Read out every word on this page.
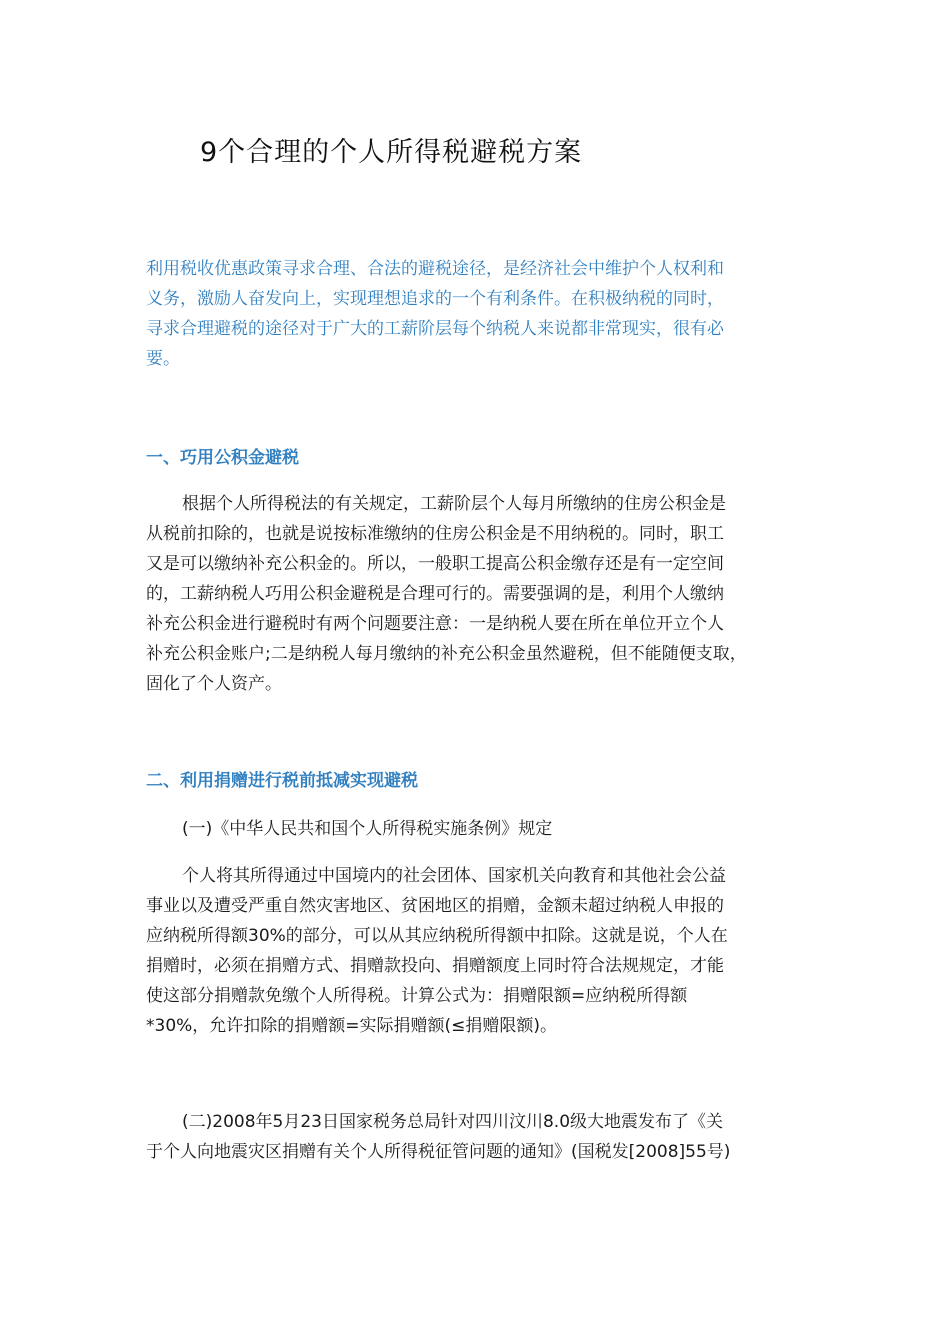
9个合理的个人所得税避税方案
利用税收优惠政策寻求合理、合法的避税途径，是经济社会中维护个人权利和
义务，激励人奋发向上，实现理想追求的一个有利条件。在积极纳税的同时，
寻求合理避税的途径对于广大的工薪阶层每个纳税人来说都非常现实，很有必
要。
一、巧用公积金避税
根据个人所得税法的有关规定，工薪阶层个人每月所缴纳的住房公积金是
从税前扣除的，也就是说按标准缴纳的住房公积金是不用纳税的。同时，职工
又是可以缴纳补充公积金的。所以，一般职工提高公积金缴存还是有一定空间
的，工薪纳税人巧用公积金避税是合理可行的。需要强调的是，利用个人缴纳
补充公积金进行避税时有两个问题要注意：一是纳税人要在所在单位开立个人
补充公积金账户;二是纳税人每月缴纳的补充公积金虽然避税，但不能随便支取，
固化了个人资产。
二、利用捐赠进行税前抵减实现避税
(一)《中华人民共和国个人所得税实施条例》规定
个人将其所得通过中国境内的社会团体、国家机关向教育和其他社会公益
事业以及遭受严重自然灾害地区、贫困地区的捐赠，金额未超过纳税人申报的
应纳税所得额30%的部分，可以从其应纳税所得额中扣除。这就是说，个人在
捐赠时，必须在捐赠方式、捐赠款投向、捐赠额度上同时符合法规规定，才能
使这部分捐赠款免缴个人所得税。计算公式为：捐赠限额=应纳税所得额
*30%，允许扣除的捐赠额=实际捐赠额(≤捐赠限额)。
(二)2008年5月23日国家税务总局针对四川汶川8.0级大地震发布了《关
于个人向地震灾区捐赠有关个人所得税征管问题的通知》(国税发[2008]55号)
